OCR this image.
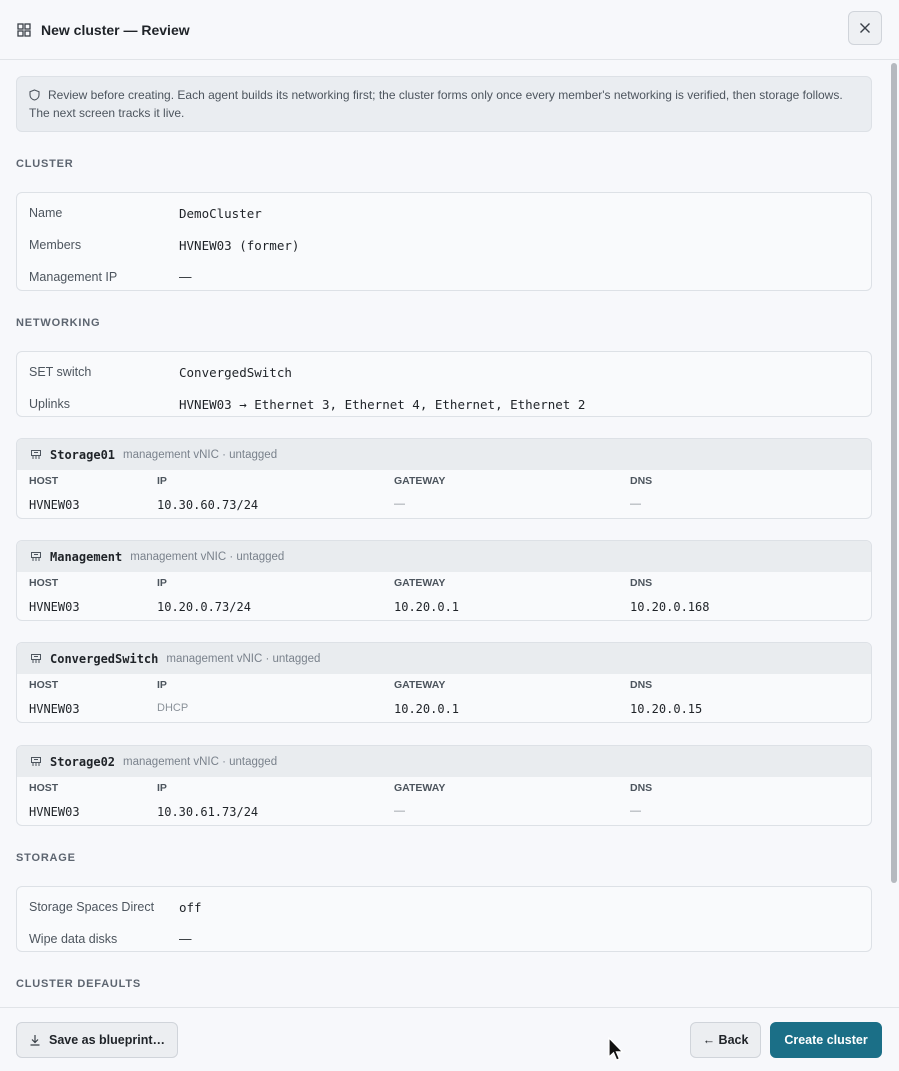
New cluster — Review
Review before creating. Each agent builds its networking first; the cluster forms only once every member's networking is verified, then storage follows. The next screen tracks it live.
CLUSTER
Name	DemoCluster
Members	HVNEW03 (former)
Management IP	—
NETWORKING
SET switch	ConvergedSwitch
Uplinks	HVNEW03 → Ethernet 3, Ethernet 4, Ethernet, Ethernet 2
Storage01 management vNIC · untagged
HOST	IP	GATEWAY	DNS
HVNEW03	10.30.60.73/24	—	—
Management management vNIC · untagged
HOST	IP	GATEWAY	DNS
HVNEW03	10.20.0.73/24	10.20.0.1	10.20.0.168
ConvergedSwitch management vNIC · untagged
HOST	IP	GATEWAY	DNS
HVNEW03	DHCP	10.20.0.1	10.20.0.15
Storage02 management vNIC · untagged
HOST	IP	GATEWAY	DNS
HVNEW03	10.30.61.73/24	—	—
STORAGE
Storage Spaces Direct	off
Wipe data disks	—
CLUSTER DEFAULTS
Save as blueprint…	← Back	Create cluster
